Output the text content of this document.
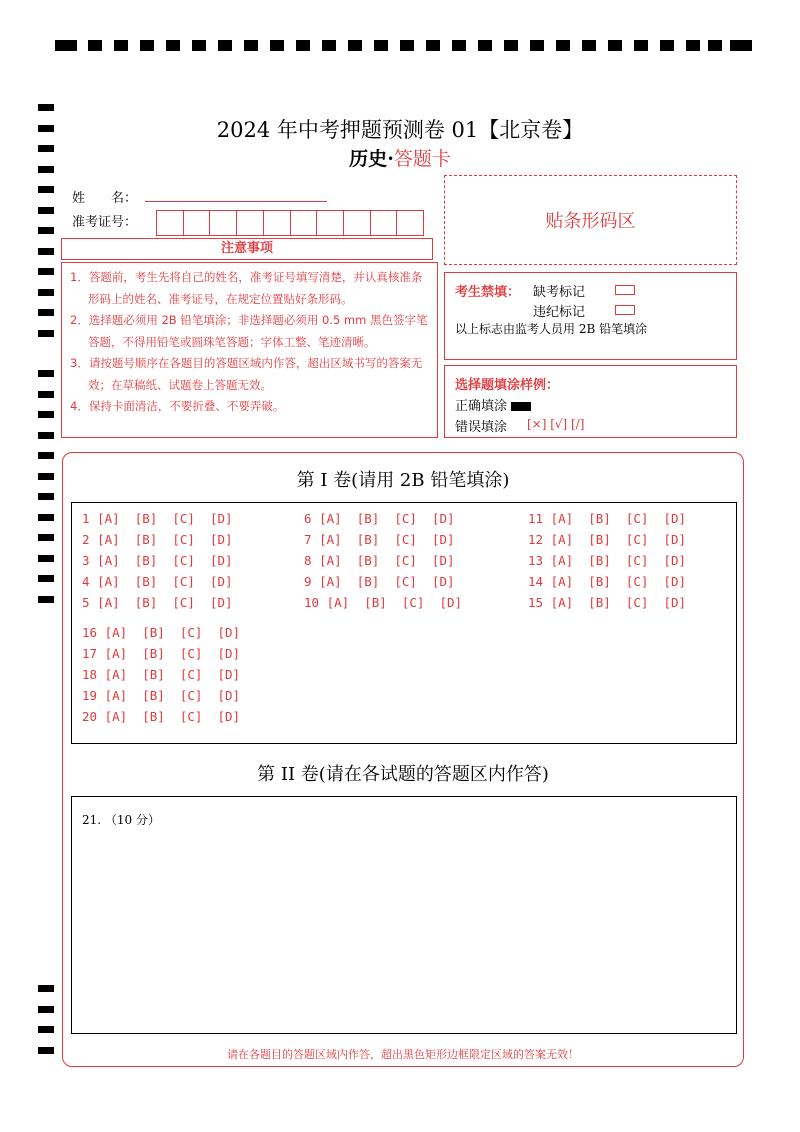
2024 年中考押题预测卷 01【北京卷】
历史·答题卡
姓　　名：
准考证号：	贴条形码区
注意事项

1．答题前，考生先将自己的姓名，准考证号填写清楚，并认真核准条形码上的姓名、准考证号，在规定位置贴好条形码。

2．选择题必须用 2B 铅笔填涂；非选择题必须用 0.5 mm 黑色签字笔答题，不得用铅笔或圆珠笔答题；字体工整、笔迹清晰。

3．请按题号顺序在各题目的答题区域内作答，超出区域书写的答案无效；在草稿纸、试题卷上答题无效。

4．保持卡面清洁，不要折叠、不要弄破。

考生禁填： 缺考标记
违纪标记
以上标志由监考人员用 2B 铅笔填涂
选择题填涂样例：
正确填涂
错误填涂 [×] [√] [/]
第 I 卷(请用 2B 铅笔填涂)
1 [A]  [B]  [C]  [D]
2 [A]  [B]  [C]  [D]
3 [A]  [B]  [C]  [D]
4 [A]  [B]  [C]  [D]
5 [A]  [B]  [C]  [D]
6 [A]  [B]  [C]  [D]
7 [A]  [B]  [C]  [D]
8 [A]  [B]  [C]  [D]
9 [A]  [B]  [C]  [D]
10 [A]  [B]  [C]  [D]
11 [A]  [B]  [C]  [D]
12 [A]  [B]  [C]  [D]
13 [A]  [B]  [C]  [D]
14 [A]  [B]  [C]  [D]
15 [A]  [B]  [C]  [D]
16 [A]  [B]  [C]  [D]
17 [A]  [B]  [C]  [D]
18 [A]  [B]  [C]  [D]
19 [A]  [B]  [C]  [D]
20 [A]  [B]  [C]  [D]
第 II 卷(请在各试题的答题区内作答)
21. （10 分）
请在各题目的答题区域内作答，超出黑色矩形边框限定区域的答案无效！
